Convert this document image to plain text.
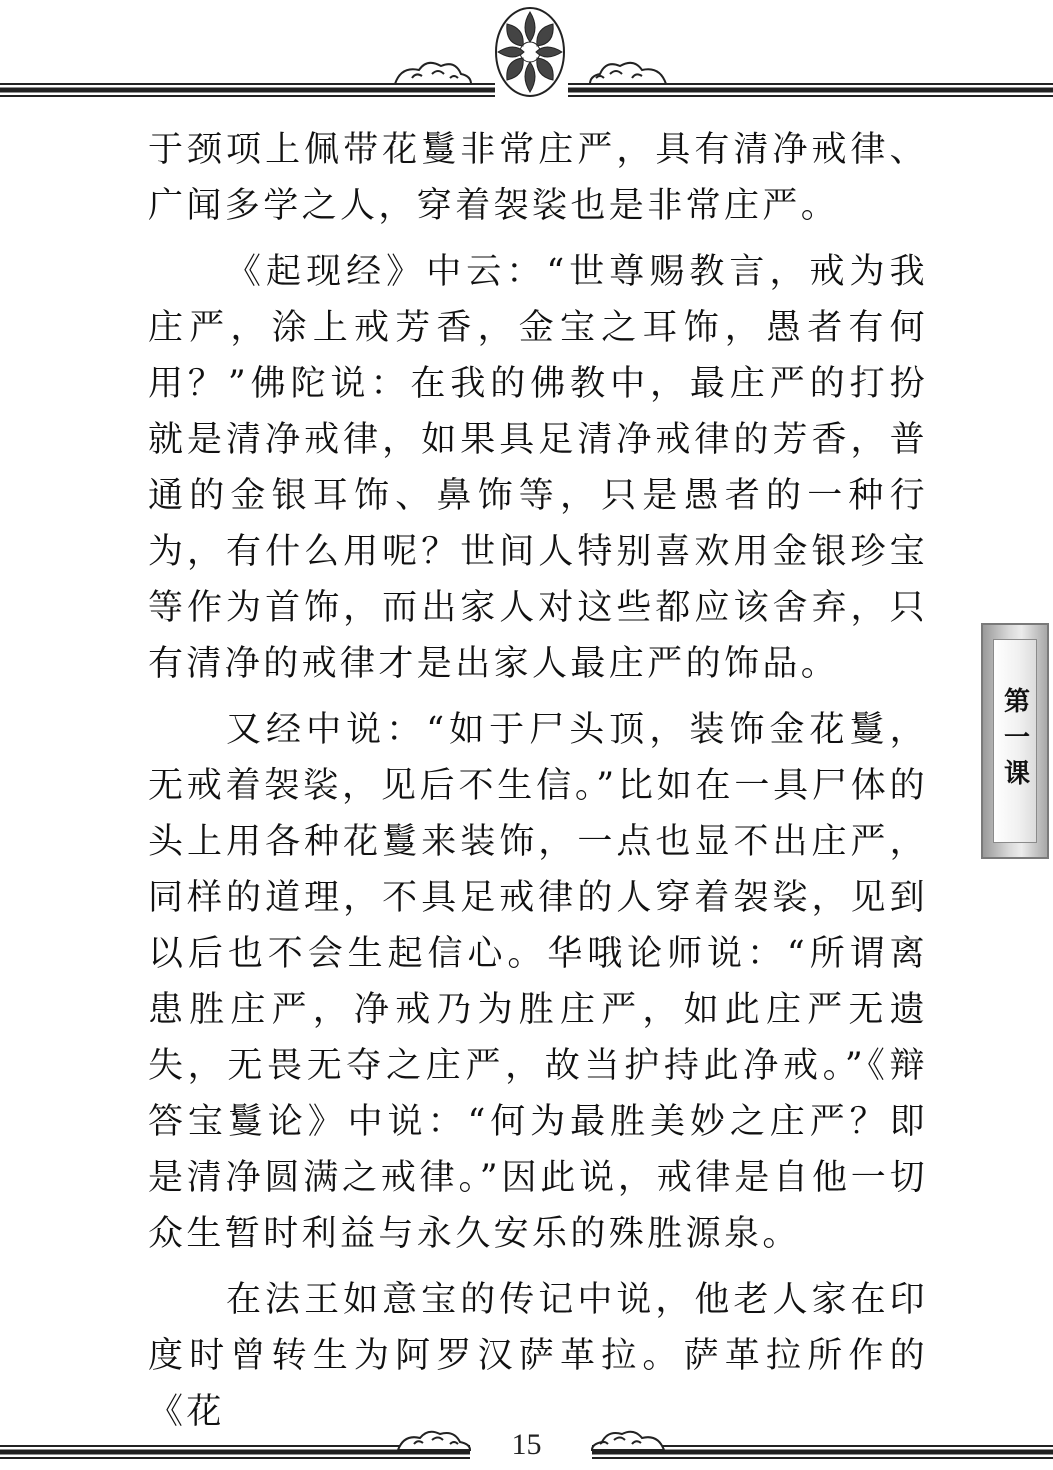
于颈项上佩带花鬘非常庄严，具有清净戒律、广闻多学之人，穿着袈裟也是非常庄严。

《起现经》中云：“世尊赐教言，戒为我庄严，涂上戒芳香，金宝之耳饰，愚者有何用？”佛陀说：在我的佛教中，最庄严的打扮就是清净戒律，如果具足清净戒律的芳香，普通的金银耳饰、鼻饰等，只是愚者的一种行为，有什么用呢？世间人特别喜欢用金银珍宝等作为首饰，而出家人对这些都应该舍弃，只有清净的戒律才是出家人最庄严的饰品。

又经中说：“如于尸头顶，装饰金花鬘，无戒着袈裟，见后不生信。”比如在一具尸体的头上用各种花鬘来装饰，一点也显不出庄严，同样的道理，不具足戒律的人穿着袈裟，见到以后也不会生起信心。华哦论师说：“所谓离患胜庄严，净戒乃为胜庄严，如此庄严无遗失，无畏无夺之庄严，故当护持此净戒。”《辩答宝鬘论》中说：“何为最胜美妙之庄严？即是清净圆满之戒律。”因此说，戒律是自他一切众生暂时利益与永久安乐的殊胜源泉。

在法王如意宝的传记中说，他老人家在印度时曾转生为阿罗汉萨革拉。萨革拉所作的《花

第一课
15
